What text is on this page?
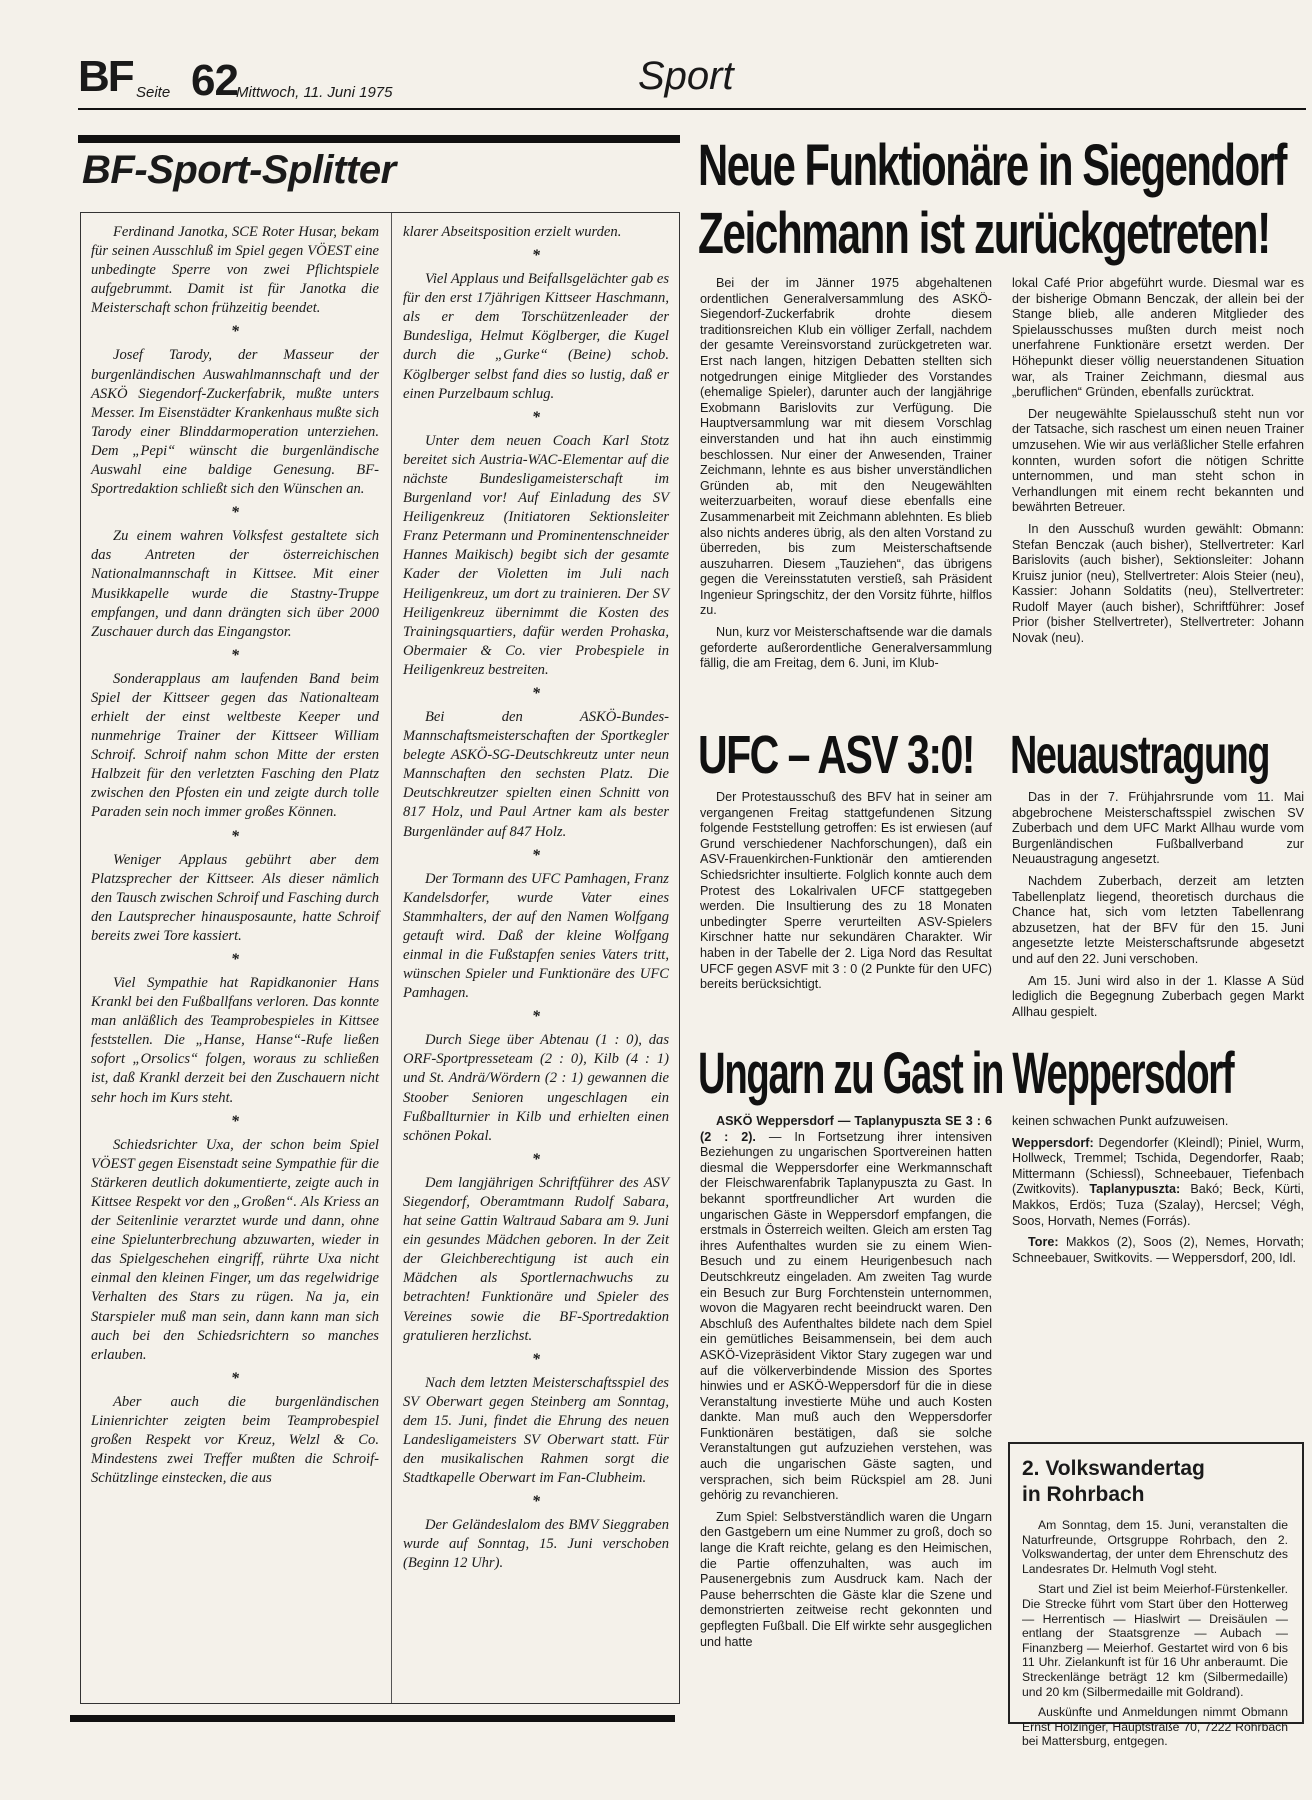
BF Seite 62
Mittwoch, 11. Juni 1975	Sport
BF-Sport-Splitter

Ferdinand Janotka, SCE Roter Husar, bekam für seinen Ausschluß im Spiel gegen VÖEST eine unbedingte Sperre von zwei Pflichtspiele aufgebrummt. Damit ist für Janotka die Meisterschaft schon frühzeitig beendet.

*

Josef Tarody, der Masseur der burgenländischen Auswahlmannschaft und der ASKÖ Siegendorf-Zuckerfabrik, mußte unters Messer. Im Eisenstädter Krankenhaus mußte sich Tarody einer Blinddarmoperation unterziehen. Dem „Pepi“ wünscht die burgenländische Auswahl eine baldige Genesung. BF-Sportredaktion schließt sich den Wünschen an.

*

Zu einem wahren Volksfest gestaltete sich das Antreten der österreichischen Nationalmannschaft in Kittsee. Mit einer Musikkapelle wurde die Stastny-Truppe empfangen, und dann drängten sich über 2000 Zuschauer durch das Eingangstor.

*

Sonderapplaus am laufenden Band beim Spiel der Kittseer gegen das Nationalteam erhielt der einst weltbeste Keeper und nunmehrige Trainer der Kittseer William Schroif. Schroif nahm schon Mitte der ersten Halbzeit für den verletzten Fasching den Platz zwischen den Pfosten ein und zeigte durch tolle Paraden sein noch immer großes Können.

*

Weniger Applaus gebührt aber dem Platzsprecher der Kittseer. Als dieser nämlich den Tausch zwischen Schroif und Fasching durch den Lautsprecher hinausposaunte, hatte Schroif bereits zwei Tore kassiert.

*

Viel Sympathie hat Rapidkanonier Hans Krankl bei den Fußballfans verloren. Das konnte man anläßlich des Teamprobespieles in Kittsee feststellen. Die „Hanse, Hanse“-Rufe ließen sofort „Orsolics“ folgen, woraus zu schließen ist, daß Krankl derzeit bei den Zuschauern nicht sehr hoch im Kurs steht.

*

Schiedsrichter Uxa, der schon beim Spiel VÖEST gegen Eisenstadt seine Sympathie für die Stärkeren deutlich dokumentierte, zeigte auch in Kittsee Respekt vor den „Großen“. Als Kriess an der Seitenlinie verarztet wurde und dann, ohne eine Spielunterbrechung abzuwarten, wieder in das Spielgeschehen eingriff, rührte Uxa nicht einmal den kleinen Finger, um das regelwidrige Verhalten des Stars zu rügen. Na ja, ein Starspieler muß man sein, dann kann man sich auch bei den Schiedsrichtern so manches erlauben.

*

Aber auch die burgenländischen Linienrichter zeigten beim Teamprobespiel großen Respekt vor Kreuz, Welzl & Co. Mindestens zwei Treffer mußten die Schroif-Schützlinge einstecken, die aus

klarer Abseitsposition erzielt wurden.

*

Viel Applaus und Beifallsgelächter gab es für den erst 17jährigen Kittseer Haschmann, als er dem Torschützenleader der Bundesliga, Helmut Köglberger, die Kugel durch die „Gurke“ (Beine) schob. Köglberger selbst fand dies so lustig, daß er einen Purzelbaum schlug.

*

Unter dem neuen Coach Karl Stotz bereitet sich Austria-WAC-Elementar auf die nächste Bundesligameisterschaft im Burgenland vor! Auf Einladung des SV Heiligenkreuz (Initiatoren Sektionsleiter Franz Petermann und Prominentenschneider Hannes Maikisch) begibt sich der gesamte Kader der Violetten im Juli nach Heiligenkreuz, um dort zu trainieren. Der SV Heiligenkreuz übernimmt die Kosten des Trainingsquartiers, dafür werden Prohaska, Obermaier & Co. vier Probespiele in Heiligenkreuz bestreiten.

*

Bei den ASKÖ-Bundes-Mannschaftsmeisterschaften der Sportkegler belegte ASKÖ-SG-Deutschkreutz unter neun Mannschaften den sechsten Platz. Die Deutschkreutzer spielten einen Schnitt von 817 Holz, und Paul Artner kam als bester Burgenländer auf 847 Holz.

*

Der Tormann des UFC Pamhagen, Franz Kandelsdorfer, wurde Vater eines Stammhalters, der auf den Namen Wolfgang getauft wird. Daß der kleine Wolfgang einmal in die Fußstapfen senies Vaters tritt, wünschen Spieler und Funktionäre des UFC Pamhagen.

*

Durch Siege über Abtenau (1 : 0), das ORF-Sportpresseteam (2 : 0), Kilb (4 : 1) und St. Andrä/Wördern (2 : 1) gewannen die Stoober Senioren ungeschlagen ein Fußballturnier in Kilb und erhielten einen schönen Pokal.

*

Dem langjährigen Schriftführer des ASV Siegendorf, Oberamtmann Rudolf Sabara, hat seine Gattin Waltraud Sabara am 9. Juni ein gesundes Mädchen geboren. In der Zeit der Gleichberechtigung ist auch ein Mädchen als Sportlernachwuchs zu betrachten! Funktionäre und Spieler des Vereines sowie die BF-Sportredaktion gratulieren herzlichst.

*

Nach dem letzten Meisterschaftsspiel des SV Oberwart gegen Steinberg am Sonntag, dem 15. Juni, findet die Ehrung des neuen Landesligameisters SV Oberwart statt. Für den musikalischen Rahmen sorgt die Stadtkapelle Oberwart im Fan-Clubheim.

*

Der Geländeslalom des BMV Sieggraben wurde auf Sonntag, 15. Juni verschoben (Beginn 12 Uhr).

Neue Funktionäre in Siegendorf
Zeichmann ist zurückgetreten!

Bei der im Jänner 1975 abgehaltenen ordentlichen Generalversammlung des ASKÖ-Siegendorf-Zuckerfabrik drohte diesem traditionsreichen Klub ein völliger Zerfall, nachdem der gesamte Vereinsvorstand zurückgetreten war. Erst nach langen, hitzigen Debatten stellten sich notgedrungen einige Mitglieder des Vorstandes (ehemalige Spieler), darunter auch der langjährige Exobmann Barislovits zur Verfügung. Die Hauptversammlung war mit diesem Vorschlag einverstanden und hat ihn auch einstimmig beschlossen. Nur einer der Anwesenden, Trainer Zeichmann, lehnte es aus bisher unverständlichen Gründen ab, mit den Neugewählten weiterzuarbeiten, worauf diese ebenfalls eine Zusammenarbeit mit Zeichmann ablehnten. Es blieb also nichts anderes übrig, als den alten Vorstand zu überreden, bis zum Meisterschaftsende auszuharren. Diesem „Tauziehen“, das übrigens gegen die Vereinsstatuten verstieß, sah Präsident Ingenieur Springschitz, der den Vorsitz führte, hilflos zu.

Nun, kurz vor Meisterschaftsende war die damals geforderte außerordentliche Generalversammlung fällig, die am Freitag, dem 6. Juni, im Klub-

lokal Café Prior abgeführt wurde. Diesmal war es der bisherige Obmann Benczak, der allein bei der Stange blieb, alle anderen Mitglieder des Spielausschusses mußten durch meist noch unerfahrene Funktionäre ersetzt werden. Der Höhepunkt dieser völlig neuerstandenen Situation war, als Trainer Zeichmann, diesmal aus „beruflichen“ Gründen, ebenfalls zurücktrat.

Der neugewählte Spielausschuß steht nun vor der Tatsache, sich raschest um einen neuen Trainer umzusehen. Wie wir aus verläßlicher Stelle erfahren konnten, wurden sofort die nötigen Schritte unternommen, und man steht schon in Verhandlungen mit einem recht bekannten und bewährten Betreuer.

In den Ausschuß wurden gewählt: Obmann: Stefan Benczak (auch bisher), Stellvertreter: Karl Barislovits (auch bisher), Sektionsleiter: Johann Kruisz junior (neu), Stellvertreter: Alois Steier (neu), Kassier: Johann Soldatits (neu), Stellvertreter: Rudolf Mayer (auch bisher), Schriftführer: Josef Prior (bisher Stellvertreter), Stellvertreter: Johann Novak (neu).

UFC – ASV 3:0!

Der Protestausschuß des BFV hat in seiner am vergangenen Freitag stattgefundenen Sitzung folgende Feststellung getroffen: Es ist erwiesen (auf Grund verschiedener Nachforschungen), daß ein ASV-Frauenkirchen-Funktionär den amtierenden Schiedsrichter insultierte. Folglich konnte auch dem Protest des Lokalrivalen UFCF stattgegeben werden. Die Insultierung des zu 18 Monaten unbedingter Sperre verurteilten ASV-Spielers Kirschner hatte nur sekundären Charakter. Wir haben in der Tabelle der 2. Liga Nord das Resultat UFCF gegen ASVF mit 3 : 0 (2 Punkte für den UFC) bereits berücksichtigt.

Neuaustragung

Das in der 7. Frühjahrsrunde vom 11. Mai abgebrochene Meisterschaftsspiel zwischen SV Zuberbach und dem UFC Markt Allhau wurde vom Burgenländischen Fußballverband zur Neuaustragung angesetzt.

Nachdem Zuberbach, derzeit am letzten Tabellenplatz liegend, theoretisch durchaus die Chance hat, sich vom letzten Tabellenrang abzusetzen, hat der BFV für den 15. Juni angesetzte letzte Meisterschaftsrunde abgesetzt und auf den 22. Juni verschoben.

Am 15. Juni wird also in der 1. Klasse A Süd lediglich die Begegnung Zuberbach gegen Markt Allhau gespielt.

Ungarn zu Gast in Weppersdorf

ASKÖ Weppersdorf — Taplanypuszta SE 3 : 6 (2 : 2). — In Fortsetzung ihrer intensiven Beziehungen zu ungarischen Sportvereinen hatten diesmal die Weppersdorfer eine Werkmannschaft der Fleischwarenfabrik Taplanypuszta zu Gast. In bekannt sportfreundlicher Art wurden die ungarischen Gäste in Weppersdorf empfangen, die erstmals in Österreich weilten. Gleich am ersten Tag ihres Aufenthaltes wurden sie zu einem Wien-Besuch und zu einem Heurigenbesuch nach Deutschkreutz eingeladen. Am zweiten Tag wurde ein Besuch zur Burg Forchtenstein unternommen, wovon die Magyaren recht beeindruckt waren. Den Abschluß des Aufenthaltes bildete nach dem Spiel ein gemütliches Beisammensein, bei dem auch ASKÖ-Vizepräsident Viktor Stary zugegen war und auf die völkerverbindende Mission des Sportes hinwies und er ASKÖ-Weppersdorf für die in diese Veranstaltung investierte Mühe und auch Kosten dankte. Man muß auch den Weppersdorfer Funktionären bestätigen, daß sie solche Veranstaltungen gut aufzuziehen verstehen, was auch die ungarischen Gäste sagten, und versprachen, sich beim Rückspiel am 28. Juni gehörig zu revanchieren.

Zum Spiel: Selbstverständlich waren die Ungarn den Gastgebern um eine Nummer zu groß, doch so lange die Kraft reichte, gelang es den Heimischen, die Partie offenzuhalten, was auch im Pausenergebnis zum Ausdruck kam. Nach der Pause beherrschten die Gäste klar die Szene und demonstrierten zeitweise recht gekonnten und gepflegten Fußball. Die Elf wirkte sehr ausgeglichen und hatte

keinen schwachen Punkt aufzuweisen.

Weppersdorf: Degendorfer (Kleindl); Piniel, Wurm, Hollweck, Tremmel; Tschida, Degendorfer, Raab; Mittermann (Schiessl), Schneebauer, Tiefenbach (Zwitkovits). Taplanypuszta: Bakó; Beck, Kürti, Makkos, Erdös; Tuza (Szalay), Hercsel; Végh, Soos, Horvath, Nemes (Forrás).

Tore: Makkos (2), Soos (2), Nemes, Horvath; Schneebauer, Switkovits. — Weppersdorf, 200, Idl.

2. Volkswandertag
in Rohrbach

Am Sonntag, dem 15. Juni, veranstalten die Naturfreunde, Ortsgruppe Rohrbach, den 2. Volkswandertag, der unter dem Ehrenschutz des Landesrates Dr. Helmuth Vogl steht.

Start und Ziel ist beim Meierhof-Fürstenkeller. Die Strecke führt vom Start über den Hotterweg — Herrentisch — Hiaslwirt — Dreisäulen — entlang der Staatsgrenze — Aubach — Finanzberg — Meierhof. Gestartet wird von 6 bis 11 Uhr. Zielankunft ist für 16 Uhr anberaumt. Die Streckenlänge beträgt 12 km (Silbermedaille) und 20 km (Silbermedaille mit Goldrand).

Auskünfte und Anmeldungen nimmt Obmann Ernst Holzinger, Hauptstraße 70, 7222 Rohrbach bei Mattersburg, entgegen.
